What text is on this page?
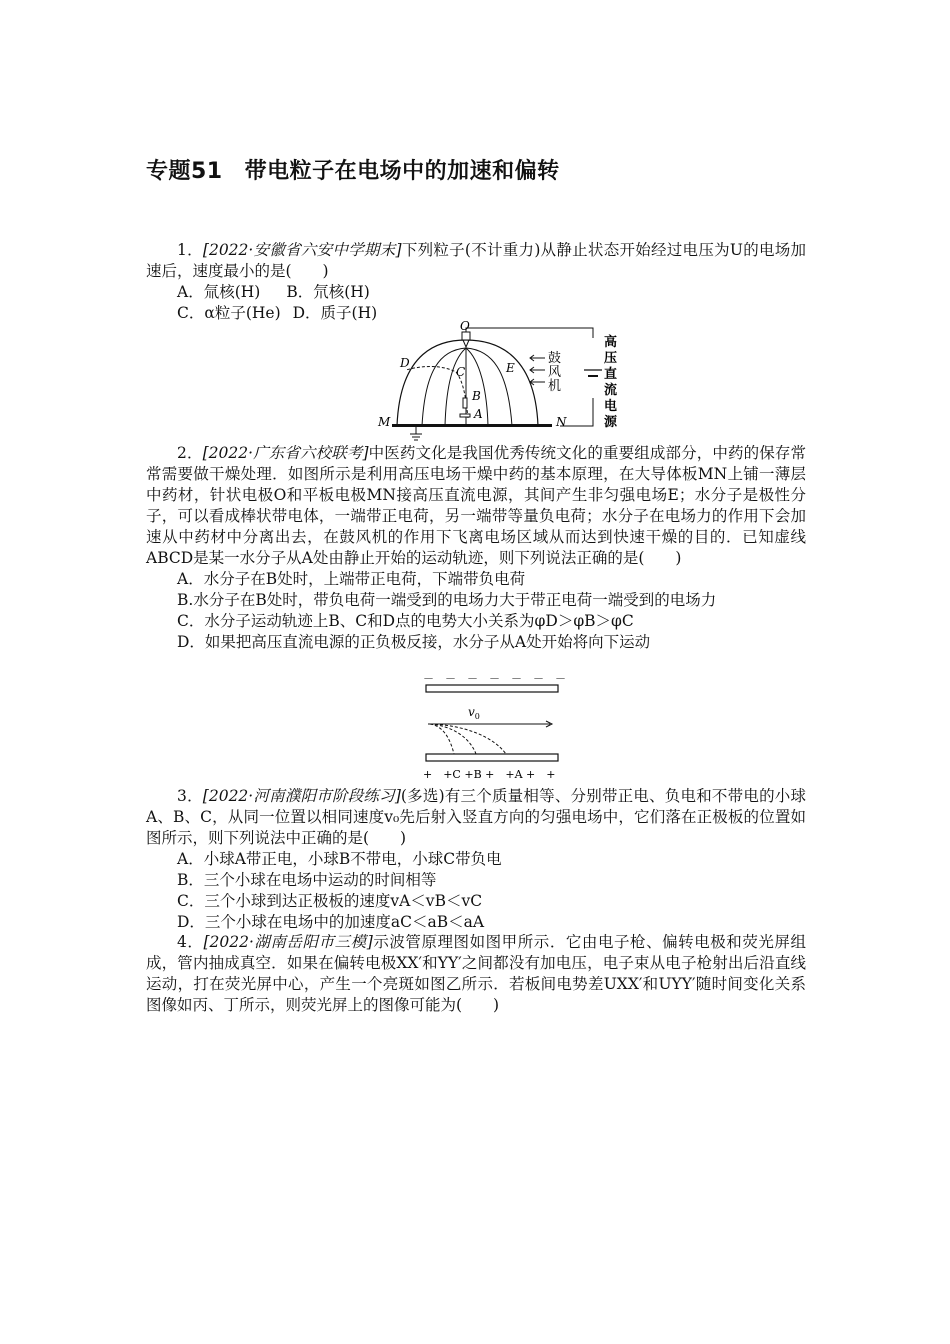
专题51 带电粒子在电场中的加速和偏转

1．[2022·安徽省六安中学期末]下列粒子(不计重力)从静止状态开始经过电压为U的电场加速后，速度最小的是(　　)

A．氚核(H) B．氘核(H)

C．α粒子(He) D．质子(H)

O
D
C	E
B
A
M	N
鼓
风
机
高
压
直
流
电
源

2．[2022·广东省六校联考]中医药文化是我国优秀传统文化的重要组成部分，中药的保存常常需要做干燥处理．如图所示是利用高压电场干燥中药的基本原理，在大导体板MN上铺一薄层中药材，针状电极O和平板电极MN接高压直流电源，其间产生非匀强电场E；水分子是极性分子，可以看成棒状带电体，一端带正电荷，另一端带等量负电荷；水分子在电场力的作用下会加速从中药材中分离出去，在鼓风机的作用下飞离电场区域从而达到快速干燥的目的．已知虚线ABCD是某一水分子从A处由静止开始的运动轨迹，则下列说法正确的是(　　)

A．水分子在B处时，上端带正电荷，下端带负电荷

B.水分子在B处时，带负电荷一端受到的电场力大于带正电荷一端受到的电场力

C．水分子运动轨迹上B、C和D点的电势大小关系为φD＞φB＞φC

D．如果把高压直流电源的正负极反接，水分子从A处开始将向下运动

－　－　－　－　－　－　－
$v_0$
+　+C +B +　+A +　+

3．[2022·河南濮阳市阶段练习](多选)有三个质量相等、分别带正电、负电和不带电的小球A、B、C，从同一位置以相同速度v₀先后射入竖直方向的匀强电场中，它们落在正极板的位置如图所示，则下列说法中正确的是(　　)

A．小球A带正电，小球B不带电，小球C带负电

B．三个小球在电场中运动的时间相等

C．三个小球到达正极板的速度vA＜vB＜vC

D．三个小球在电场中的加速度aC＜aB＜aA

4．[2022·湖南岳阳市三模]示波管原理图如图甲所示．它由电子枪、偏转电极和荧光屏组成，管内抽成真空．如果在偏转电极XX′和YY′之间都没有加电压，电子束从电子枪射出后沿直线运动，打在荧光屏中心，产生一个亮斑如图乙所示．若板间电势差UXX′和UYY′随时间变化关系图像如丙、丁所示，则荧光屏上的图像可能为(　　)
